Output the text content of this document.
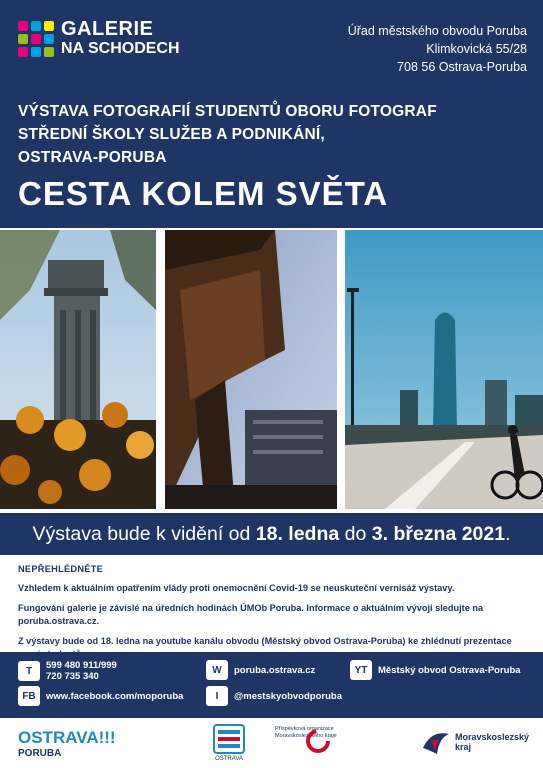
GALERIE
NA SCHODECH
Úřad městského obvodu Poruba
Klimkovická 55/28
708 56 Ostrava-Poruba
VÝSTAVA FOTOGRAFIÍ STUDENTŮ OBORU FOTOGRAF
STŘEDNÍ ŠKOLY SLUŽEB A PODNIKÁNÍ,
OSTRAVA-PORUBA
CESTA KOLEM SVĚTA
Výstava bude k vidění od 18. ledna do 3. března 2021.

NEPŘEHLÉDNĚTE

Vzhledem k aktuálním opatřením vlády proti onemocnění Covid-19 se neuskuteční vernisáž výstavy.

Fungování galerie je závislé na úředních hodinách ÚMOb Poruba. Informace o aktuálním vývoji sledujte na poruba.ostrava.cz.

Z výstavy bude od 18. ledna na youtube kanálu obvodu (Městský obvod Ostrava-Poruba) ke zhlédnutí prezentace

T	599 480 911/999
720 735 340
FB	www.facebook.com/moporuba
W	poruba.ostrava.cz
I	@mestskyobvodporuba
YT	Městský obvod Ostrava-Poruba
OSTRAVA!!!
PORUBA	OSTRAVA
Příspěvková organizace
Moravskoslezského kraje	Moravskoslezský
kraj
